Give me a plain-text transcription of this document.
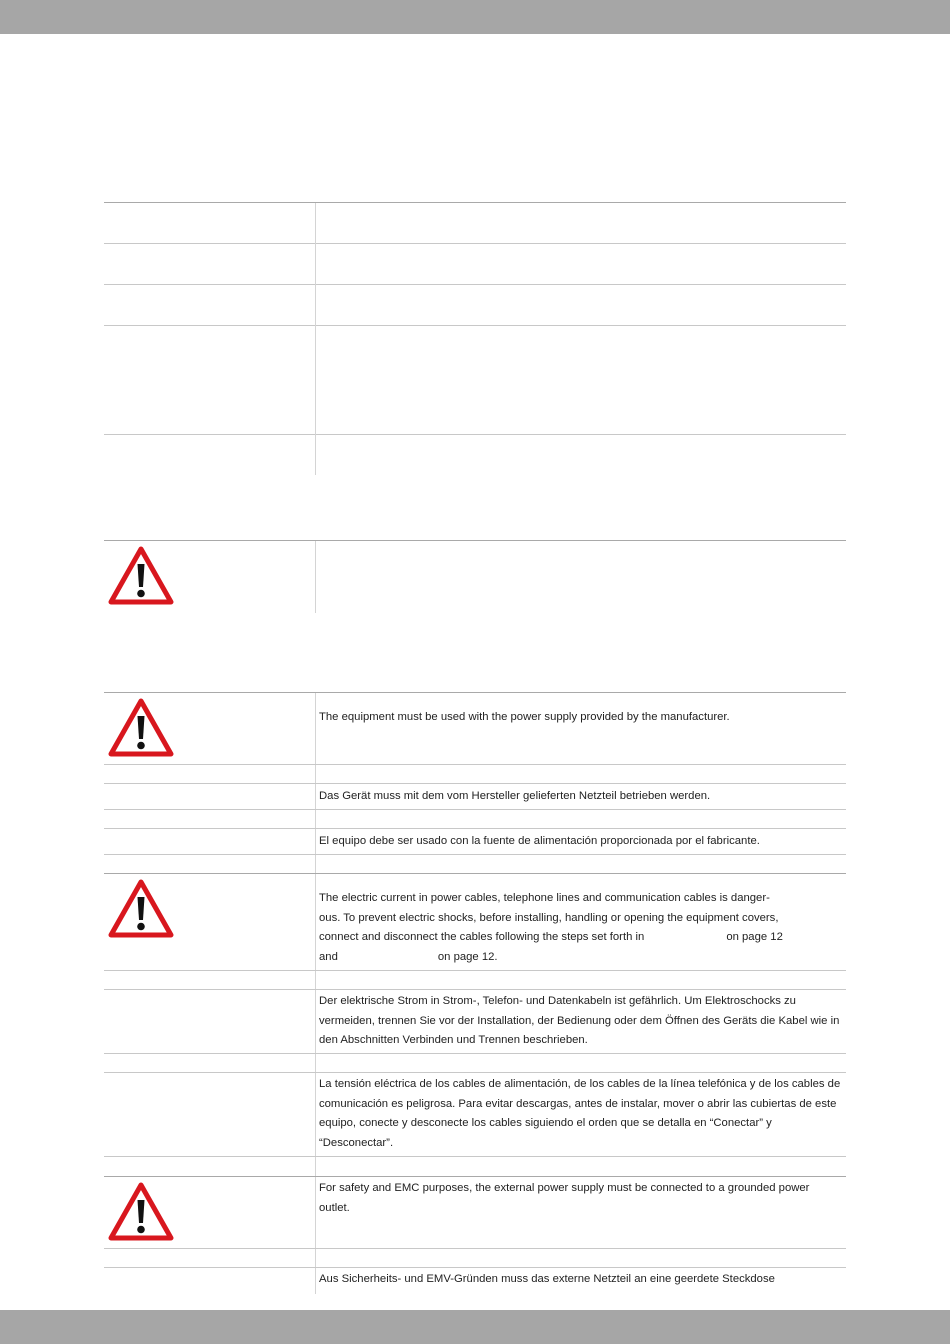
The equipment must be used with the power supply provided by the manufacturer.
Das Gerät muss mit dem vom Hersteller gelieferten Netzteil betrieben werden.
El equipo debe ser usado con la fuente de alimentación proporcionada por el fabricante.
The electric current in power cables, telephone lines and communication cables is danger-
ous. To prevent electric shocks, before installing, handling or opening the equipment covers,
connect and disconnect the cables following the steps set forth in	on page 12
and	on page 12.
Der elektrische Strom in Strom-, Telefon- und Datenkabeln ist gefährlich. Um Elektroschocks zu vermeiden, trennen Sie vor der Installation, der Bedienung oder dem Öffnen des Geräts die Kabel wie in den Abschnitten Verbinden und Trennen beschrieben.
La tensión eléctrica de los cables de alimentación, de los cables de la línea telefónica y de los cables de comunicación es peligrosa. Para evitar descargas, antes de instalar, mover o abrir las cubiertas de este equipo, conecte y desconecte los cables siguiendo el orden que se detalla en “Conectar” y “Desconectar”.
For safety and EMC purposes, the external power supply must be connected to a grounded power outlet.
Aus Sicherheits- und EMV-Gründen muss das externe Netzteil an eine geerdete Steckdose
